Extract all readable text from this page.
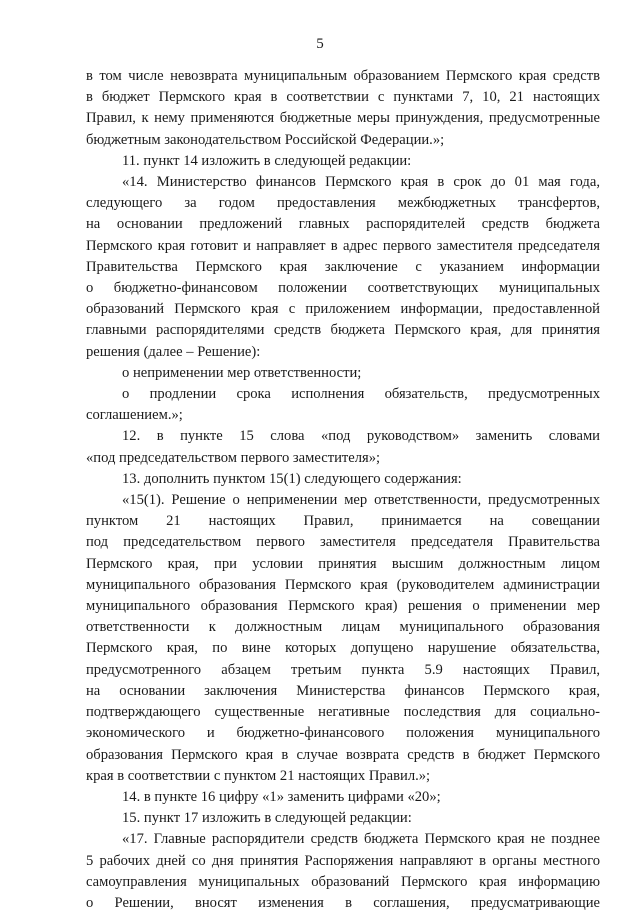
5

в том числе невозврата муниципальным образованием Пермского края средств
в бюджет Пермского края в соответствии с пунктами 7, 10, 21 настоящих
Правил, к нему применяются бюджетные меры принуждения, предусмотренные
бюджетным законодательством Российской Федерации.»;

11. пункт 14 изложить в следующей редакции:

«14. Министерство финансов Пермского края в срок до 01 мая года,
следующего за годом предоставления межбюджетных трансфертов,
на основании предложений главных распорядителей средств бюджета
Пермского края готовит и направляет в адрес первого заместителя председателя
Правительства Пермского края заключение с указанием информации
о бюджетно-финансовом положении соответствующих муниципальных
образований Пермского края с приложением информации, предоставленной
главными распорядителями средств бюджета Пермского края, для принятия
решения (далее – Решение):

о неприменении мер ответственности;

о продлении срока исполнения обязательств, предусмотренных
соглашением.»;

12. в пункте 15 слова «под руководством» заменить словами
«под председательством первого заместителя»;

13. дополнить пунктом 15(1) следующего содержания:

«15(1). Решение о неприменении мер ответственности, предусмотренных
пунктом 21 настоящих Правил, принимается на совещании
под председательством первого заместителя председателя Правительства
Пермского края, при условии принятия высшим должностным лицом
муниципального образования Пермского края (руководителем администрации
муниципального образования Пермского края) решения о применении мер
ответственности к должностным лицам муниципального образования
Пермского края, по вине которых допущено нарушение обязательства,
предусмотренного абзацем третьим пункта 5.9 настоящих Правил,
на основании заключения Министерства финансов Пермского края,
подтверждающего существенные негативные последствия для социально-
экономического и бюджетно-финансового положения муниципального
образования Пермского края в случае возврата средств в бюджет Пермского
края в соответствии с пунктом 21 настоящих Правил.»;

14. в пункте 16 цифру «1» заменить цифрами «20»;

15. пункт 17 изложить в следующей редакции:

«17. Главные распорядители средств бюджета Пермского края не позднее
5 рабочих дней со дня принятия Распоряжения направляют в органы местного
самоуправления муниципальных образований Пермского края информацию
о Решении, вносят изменения в соглашения, предусматривающие
